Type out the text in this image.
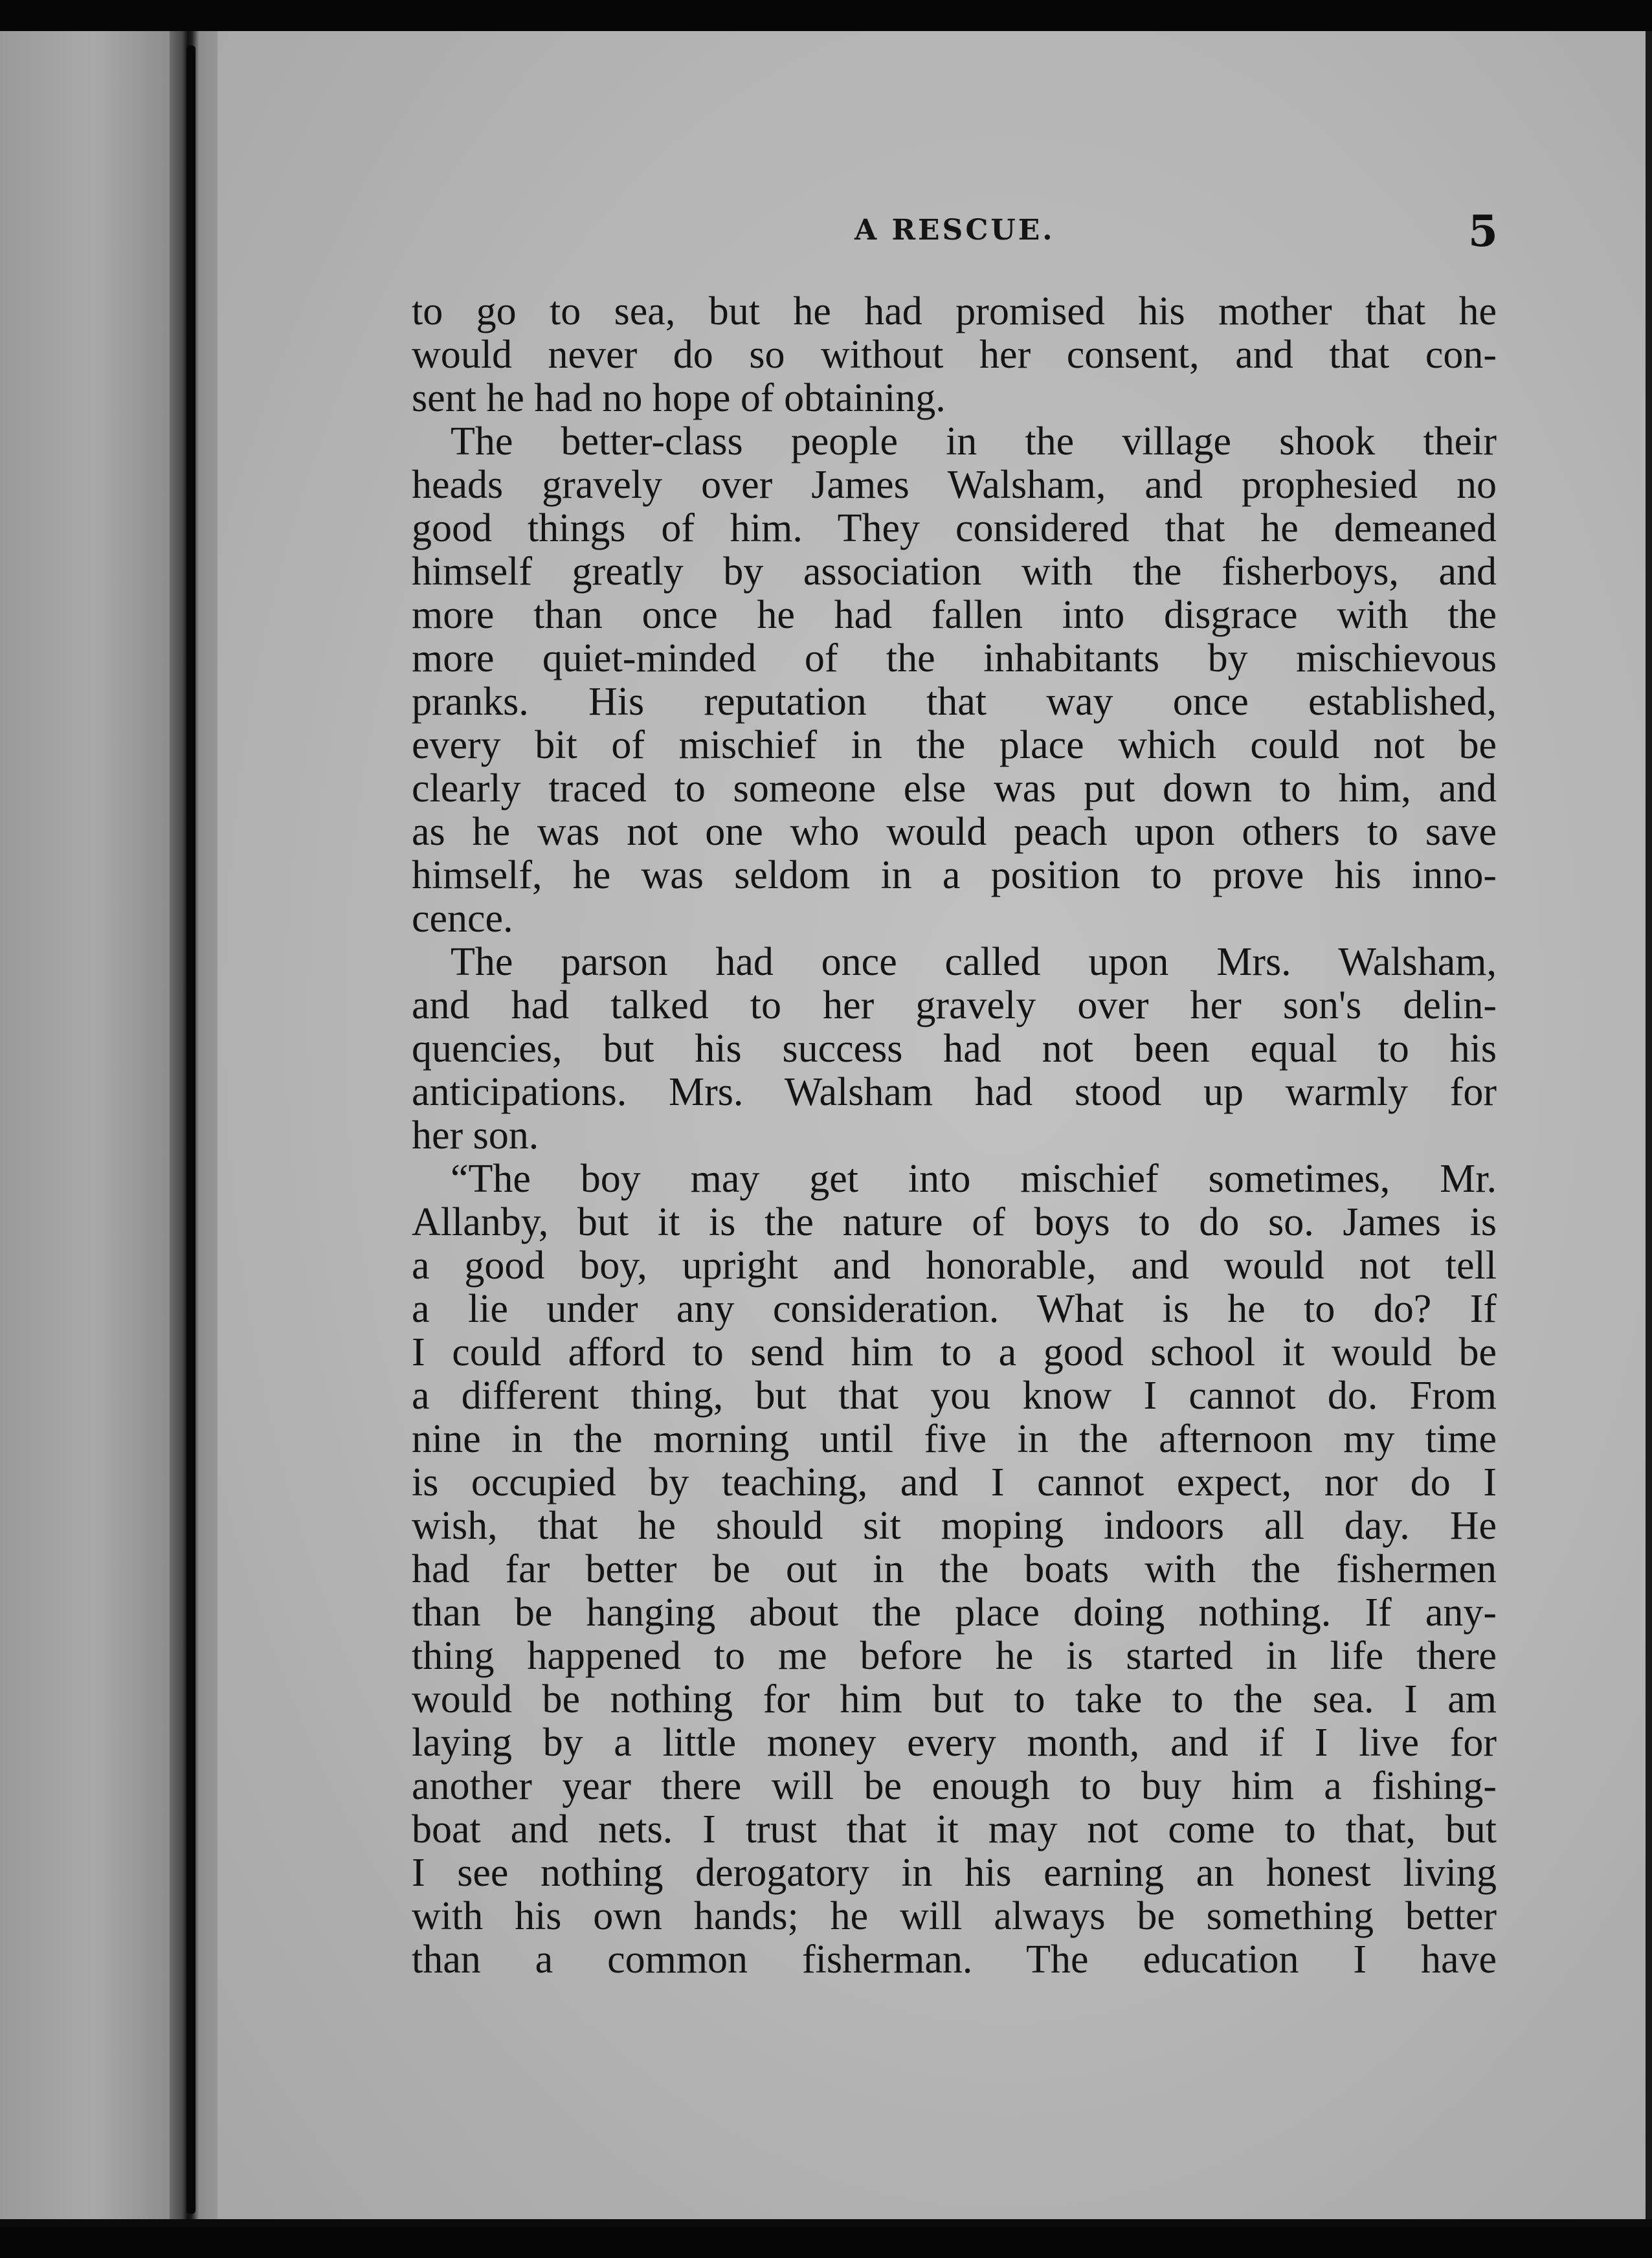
A RESCUE.	5
to go to sea, but he had promised his mother that he
would never do so without her consent, and that con-
sent he had no hope of obtaining.
The better-class people in the village shook their
heads gravely over James Walsham, and prophesied no
good things of him. They considered that he demeaned
himself greatly by association with the fisherboys, and
more than once he had fallen into disgrace with the
more quiet-minded of the inhabitants by mischievous
pranks. His reputation that way once established,
every bit of mischief in the place which could not be
clearly traced to someone else was put down to him, and
as he was not one who would peach upon others to save
himself, he was seldom in a position to prove his inno-
cence.
The parson had once called upon Mrs. Walsham,
and had talked to her gravely over her son's delin-
quencies, but his success had not been equal to his
anticipations. Mrs. Walsham had stood up warmly for
her son.
“The boy may get into mischief sometimes, Mr.
Allanby, but it is the nature of boys to do so. James is
a good boy, upright and honorable, and would not tell
a lie under any consideration. What is he to do? If
I could afford to send him to a good school it would be
a different thing, but that you know I cannot do. From
nine in the morning until five in the afternoon my time
is occupied by teaching, and I cannot expect, nor do I
wish, that he should sit moping indoors all day. He
had far better be out in the boats with the fishermen
than be hanging about the place doing nothing. If any-
thing happened to me before he is started in life there
would be nothing for him but to take to the sea. I am
laying by a little money every month, and if I live for
another year there will be enough to buy him a fishing-
boat and nets. I trust that it may not come to that, but
I see nothing derogatory in his earning an honest living
with his own hands; he will always be something better
than a common fisherman. The education I have
